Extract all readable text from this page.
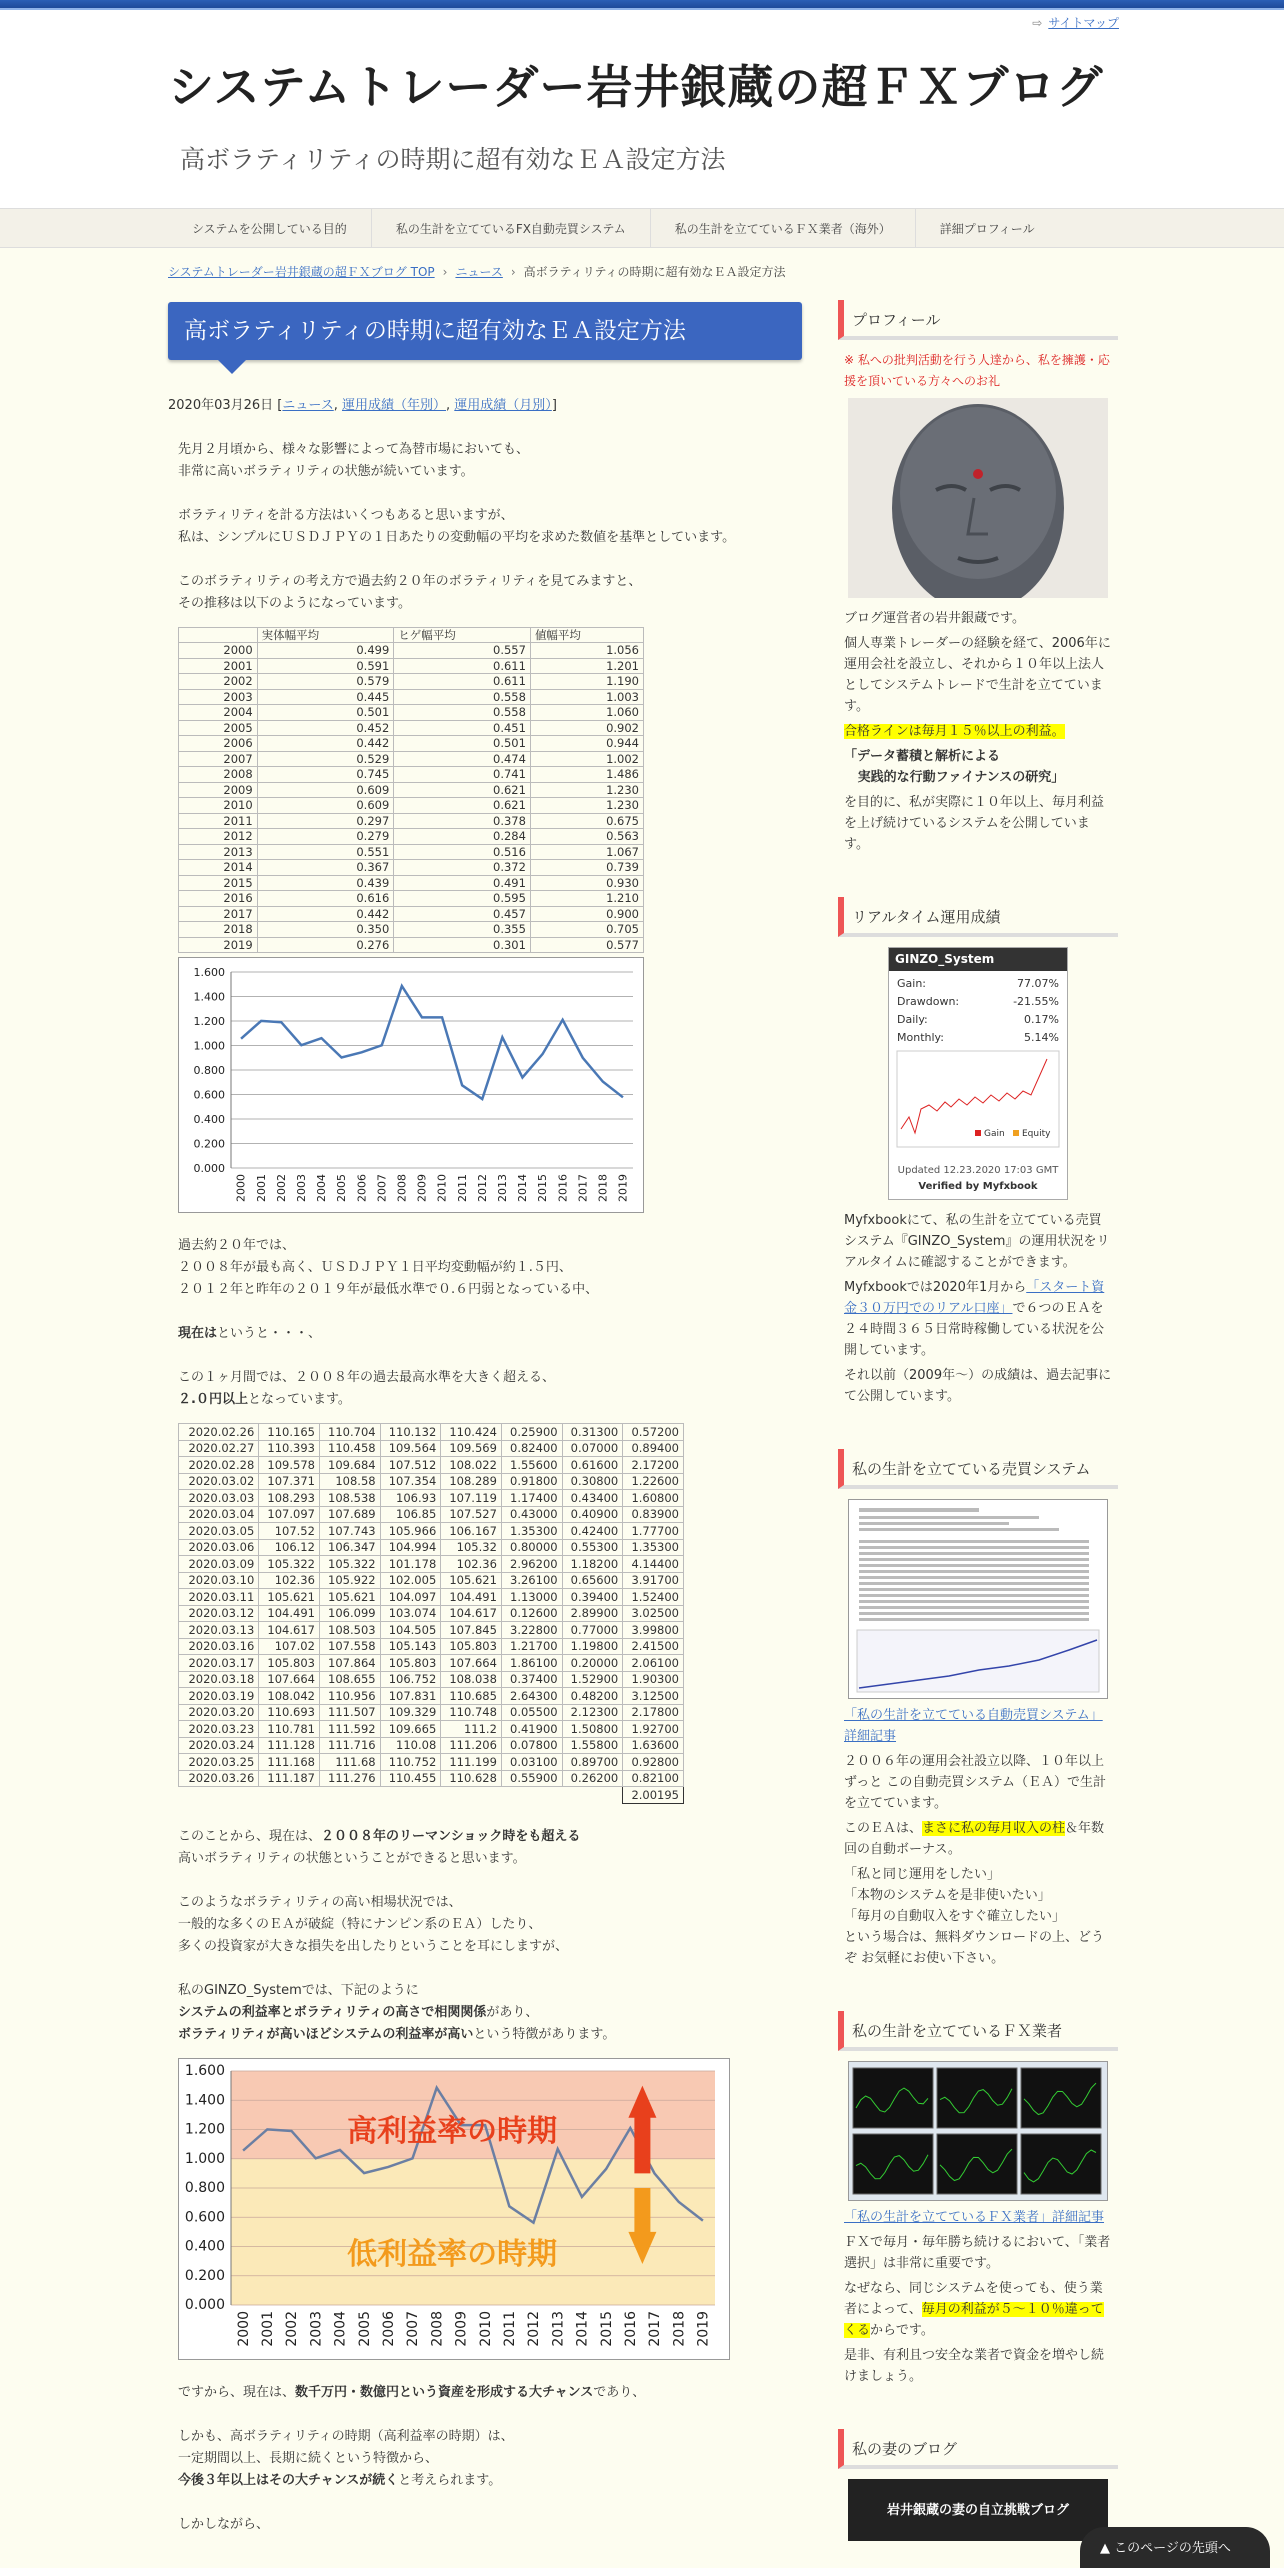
⇨ サイトマップ
システムトレーダー岩井銀蔵の超ＦＸブログ
高ボラティリティの時期に超有効なＥＡ設定方法
システムを公開している目的	私の生計を立てているFX自動売買システム	私の生計を立てているＦＸ業者（海外）	詳細プロフィール
システムトレーダー岩井銀蔵の超ＦＸブログ TOP › ニュース › 高ボラティリティの時期に超有効なＥＡ設定方法
高ボラティリティの時期に超有効なＥＡ設定方法
2020年03月26日 [ニュース, 運用成績（年別）, 運用成績（月別）]

先月２月頃から、様々な影響によって為替市場においても、
非常に高いボラティリティの状態が続いています。

ボラティリティを計る方法はいくつもあると思いますが、
私は、シンプルにＵＳＤＪＰＹの１日あたりの変動幅の平均を求めた数値を基準としています。

このボラティリティの考え方で過去約２０年のボラティリティを見てみますと、
その推移は以下のようになっています。

	実体幅平均	ヒゲ幅平均	値幅平均
2000	0.499	0.557	1.056
2001	0.591	0.611	1.201
2002	0.579	0.611	1.190
2003	0.445	0.558	1.003
2004	0.501	0.558	1.060
2005	0.452	0.451	0.902
2006	0.442	0.501	0.944
2007	0.529	0.474	1.002
2008	0.745	0.741	1.486
2009	0.609	0.621	1.230
2010	0.609	0.621	1.230
2011	0.297	0.378	0.675
2012	0.279	0.284	0.563
2013	0.551	0.516	1.067
2014	0.367	0.372	0.739
2015	0.439	0.491	0.930
2016	0.616	0.595	1.210
2017	0.442	0.457	0.900
2018	0.350	0.355	0.705
2019	0.276	0.301	0.577
0.000
0.200
0.400
0.600
0.800
1.000
1.200
1.400
1.600
2000 2001 2002 2003 2004 2005 2006 2007 2008 2009 2010 2011 2012 2013 2014 2015 2016 2017 2018 2019

過去約２０年では、
２００８年が最も高く、ＵＳＤＪＰＹ１日平均変動幅が約１.５円、
２０１２年と昨年の２０１９年が最低水準で０.６円弱となっている中、

現在はというと・・・、

この１ヶ月間では、２００８年の過去最高水準を大きく超える、
２.０円以上となっています。

2020.02.26	110.165	110.704	110.132	110.424	0.25900	0.31300	0.57200
2020.02.27	110.393	110.458	109.564	109.569	0.82400	0.07000	0.89400
2020.02.28	109.578	109.684	107.512	108.022	1.55600	0.61600	2.17200
2020.03.02	107.371	108.58	107.354	108.289	0.91800	0.30800	1.22600
2020.03.03	108.293	108.538	106.93	107.119	1.17400	0.43400	1.60800
2020.03.04	107.097	107.689	106.85	107.527	0.43000	0.40900	0.83900
2020.03.05	107.52	107.743	105.966	106.167	1.35300	0.42400	1.77700
2020.03.06	106.12	106.347	104.994	105.32	0.80000	0.55300	1.35300
2020.03.09	105.322	105.322	101.178	102.36	2.96200	1.18200	4.14400
2020.03.10	102.36	105.922	102.005	105.621	3.26100	0.65600	3.91700
2020.03.11	105.621	105.621	104.097	104.491	1.13000	0.39400	1.52400
2020.03.12	104.491	106.099	103.074	104.617	0.12600	2.89900	3.02500
2020.03.13	104.617	108.503	104.505	107.845	3.22800	0.77000	3.99800
2020.03.16	107.02	107.558	105.143	105.803	1.21700	1.19800	2.41500
2020.03.17	105.803	107.864	105.803	107.664	1.86100	0.20000	2.06100
2020.03.18	107.664	108.655	106.752	108.038	0.37400	1.52900	1.90300
2020.03.19	108.042	110.956	107.831	110.685	2.64300	0.48200	3.12500
2020.03.20	110.693	111.507	109.329	110.748	0.05500	2.12300	2.17800
2020.03.23	110.781	111.592	109.665	111.2	0.41900	1.50800	1.92700
2020.03.24	111.128	111.716	110.08	111.206	0.07800	1.55800	1.63600
2020.03.25	111.168	111.68	110.752	111.199	0.03100	0.89700	0.92800
2020.03.26	111.187	111.276	110.455	110.628	0.55900	0.26200	0.82100
							2.00195

このことから、現在は、２００８年のリーマンショック時をも超える
高いボラティリティの状態ということができると思います。

このようなボラティリティの高い相場状況では、
一般的な多くのＥＡが破綻（特にナンピン系のＥＡ）したり、
多くの投資家が大きな損失を出したりということを耳にしますが、

私のGINZO_Systemでは、下記のように
システムの利益率とボラティリティの高さで相関関係があり、
ボラティリティが高いほどシステムの利益率が高いという特徴があります。

0.000
0.200
0.400
0.600
0.800
1.000
1.200
1.400
1.600
2000 2001 2002 2003 2004 2005 2006 2007 2008 2009 2010 2011 2012 2013 2014 2015 2016 2017 2018 2019
高利益率の時期
低利益率の時期

ですから、現在は、数千万円・数億円という資産を形成する大チャンスであり、

しかも、高ボラティリティの時期（高利益率の時期）は、
一定期間以上、長期に続くという特徴から、
今後３年以上はその大チャンスが続くと考えられます。

しかしながら、

プロフィール
※ 私への批判活動を行う人達から、私を擁護・応援を頂いている方々へのお礼
ブログ運営者の岩井銀蔵です。
個人専業トレーダーの経験を経て、2006年に運用会社を設立し、それから１０年以上法人としてシステムトレードで生計を立てています。
合格ラインは毎月１５％以上の利益。
「データ蓄積と解析による
実践的な行動ファイナンスの研究」
を目的に、私が実際に１０年以上、毎月利益を上げ続けているシステムを公開しています。
リアルタイム運用成績
GINZO_System
Gain:	77.07%
Drawdown:	-21.55%
Daily:	0.17%
Monthly:	5.14%
Gain Equity
Updated 12.23.2020 17:03 GMT
Verified by Myfxbook
Myfxbookにて、私の生計を立てている売買システム『GINZO_System』の運用状況をリアルタイムに確認することができます。
Myfxbookでは2020年1月から「スタート資金３０万円でのリアル口座」で６つのＥＡを２４時間３６５日常時稼働している状況を公開しています。
それ以前（2009年～）の成績は、過去記事にて公開しています。
私の生計を立てている売買システム
「私の生計を立てている自動売買システム」詳細記事
２００６年の運用会社設立以降、１０年以上ずっと この自動売買システム（ＥＡ）で生計を立てています。
このＥＡは、まさに私の毎月収入の柱＆年数回の自動ボーナス。
「私と同じ運用をしたい」
「本物のシステムを是非使いたい」
「毎月の自動収入をすぐ確立したい」
という場合は、無料ダウンロードの上、どうぞ お気軽にお使い下さい。
私の生計を立てているＦＸ業者
「私の生計を立てているＦＸ業者」詳細記事
ＦＸで毎月・毎年勝ち続けるにおいて、「業者選択」は非常に重要です。
なぜなら、同じシステムを使っても、使う業者によって、毎月の利益が５～１０％違ってくるからです。
是非、有利且つ安全な業者で資金を増やし続けましょう。
私の妻のブログ
岩井銀蔵の妻の自立挑戦ブログ
▲ このページの先頭へ
